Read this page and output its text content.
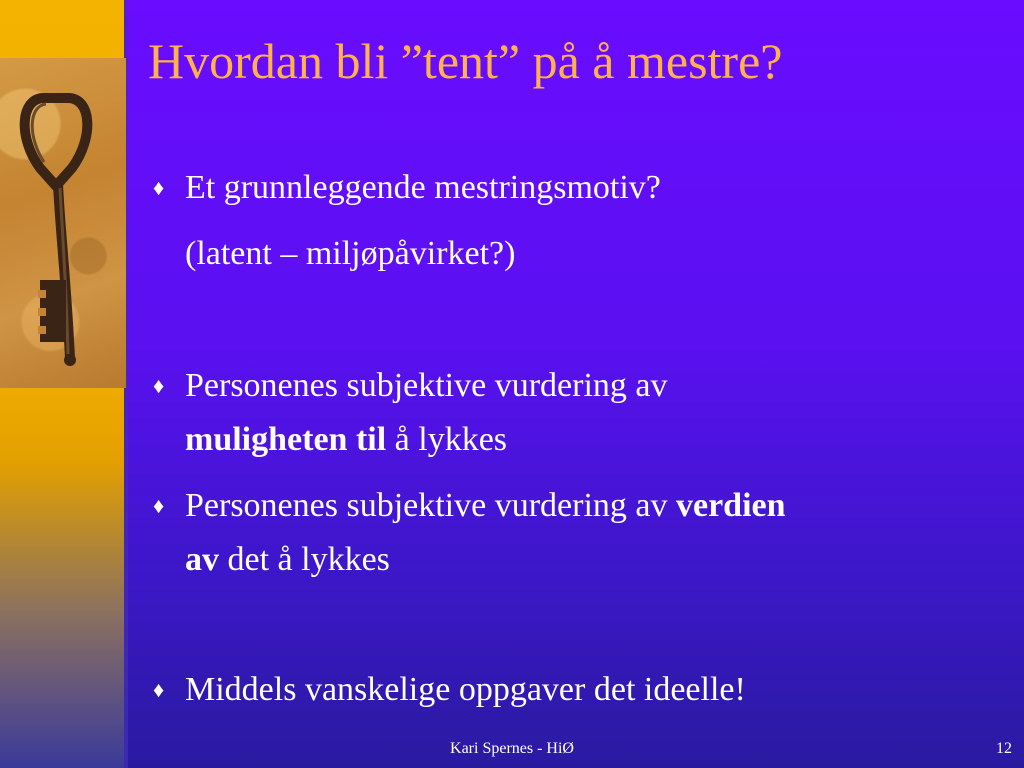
Hvordan bli ”tent” på å mestre?
♦ Et grunnleggende mestringsmotiv?
(latent – miljøpåvirket?)
♦ Personenes subjektive vurdering av
muligheten til å lykkes
♦ Personenes subjektive vurdering av verdien
av det å lykkes
♦ Middels vanskelige oppgaver det ideelle!
Kari Spernes - HiØ	12
